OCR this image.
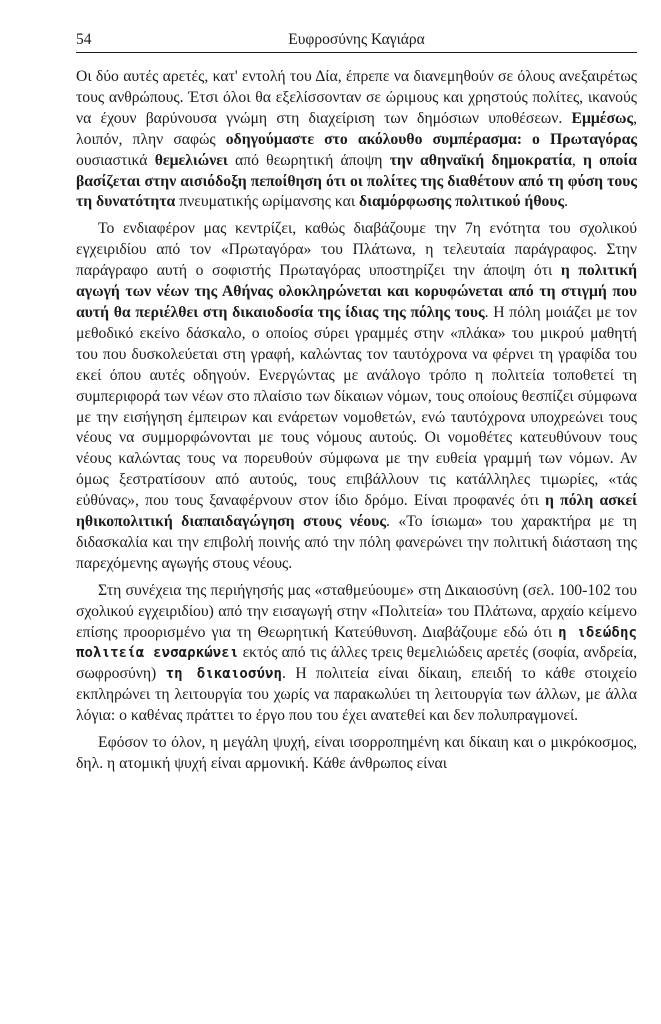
54	Ευφροσύνης Καγιάρα

Οι δύο αυτές αρετές, κατ' εντολή του Δία, έπρεπε να διανεμηθούν σε όλους ανεξαιρέτως τους ανθρώπους. Έτσι όλοι θα εξελίσσονταν σε ώριμους και χρηστούς πολίτες, ικανούς να έχουν βαρύνουσα γνώμη στη διαχείριση των δημόσιων υποθέσεων. Εμμέσως, λοιπόν, πλην σαφώς οδηγούμαστε στο ακόλουθο συμπέρασμα: ο Πρωταγόρας ουσιαστικά θεμελιώνει από θεωρητική άποψη την αθηναϊκή δημοκρατία, η οποία βασίζεται στην αισιόδοξη πεποίθηση ότι οι πολίτες της διαθέτουν από τη φύση τους τη δυνατότητα πνευματικής ωρίμανσης και διαμόρφωσης πολιτικού ήθους.

Το ενδιαφέρον μας κεντρίζει, καθώς διαβάζουμε την 7η ενότητα του σχολικού εγχειριδίου από τον «Πρωταγόρα» του Πλάτωνα, η τελευταία παράγραφος. Στην παράγραφο αυτή ο σοφιστής Πρωταγόρας υποστηρίζει την άποψη ότι η πολιτική αγωγή των νέων της Αθήνας ολοκληρώνεται και κορυφώνεται από τη στιγμή που αυτή θα περιέλθει στη δικαιοδοσία της ίδιας της πόλης τους. Η πόλη μοιάζει με τον μεθοδικό εκείνο δάσκαλο, ο οποίος σύρει γραμμές στην «πλάκα» του μικρού μαθητή του που δυσκολεύεται στη γραφή, καλώντας τον ταυτόχρονα να φέρνει τη γραφίδα του εκεί όπου αυτές οδηγούν. Ενεργώντας με ανάλογο τρόπο η πολιτεία τοποθετεί τη συμπεριφορά των νέων στο πλαίσιο των δίκαιων νόμων, τους οποίους θεσπίζει σύμφωνα με την εισήγηση έμπειρων και ενάρετων νομοθετών, ενώ ταυτόχρονα υποχρεώνει τους νέους να συμμορφώνονται με τους νόμους αυτούς. Οι νομοθέτες κατευθύνουν τους νέους καλώντας τους να πορευθούν σύμφωνα με την ευθεία γραμμή των νόμων. Αν όμως ξεστρατίσουν από αυτούς, τους επιβάλλουν τις κατάλληλες τιμωρίες, «τάς εὐθύνας», που τους ξαναφέρνουν στον ίδιο δρόμο. Είναι προφανές ότι η πόλη ασκεί ηθικοπολιτική διαπαιδαγώγηση στους νέους. «Το ίσιωμα» του χαρακτήρα με τη διδασκαλία και την επιβολή ποινής από την πόλη φανερώνει την πολιτική διάσταση της παρεχόμενης αγωγής στους νέους.

Στη συνέχεια της περιήγησής μας «σταθμεύουμε» στη Δικαιοσύνη (σελ. 100-102 του σχολικού εγχειριδίου) από την εισαγωγή στην «Πολιτεία» του Πλάτωνα, αρχαίο κείμενο επίσης προορισμένο για τη Θεωρητική Κατεύθυνση. Διαβάζουμε εδώ ότι η ιδεώδης πολιτεία ενσαρκώνει εκτός από τις άλλες τρεις θεμελιώδεις αρετές (σοφία, ανδρεία, σωφροσύνη) τη δικαιοσύνη. Η πολιτεία είναι δίκαιη, επειδή το κάθε στοιχείο εκπληρώνει τη λειτουργία του χωρίς να παρακωλύει τη λειτουργία των άλλων, με άλλα λόγια: ο καθένας πράττει το έργο που του έχει ανατεθεί και δεν πολυπραγμονεί.

Εφόσον το όλον, η μεγάλη ψυχή, είναι ισορροπημένη και δίκαιη και ο μικρόκοσμος, δηλ. η ατομική ψυχή είναι αρμονική. Κάθε άνθρωπος είναι
